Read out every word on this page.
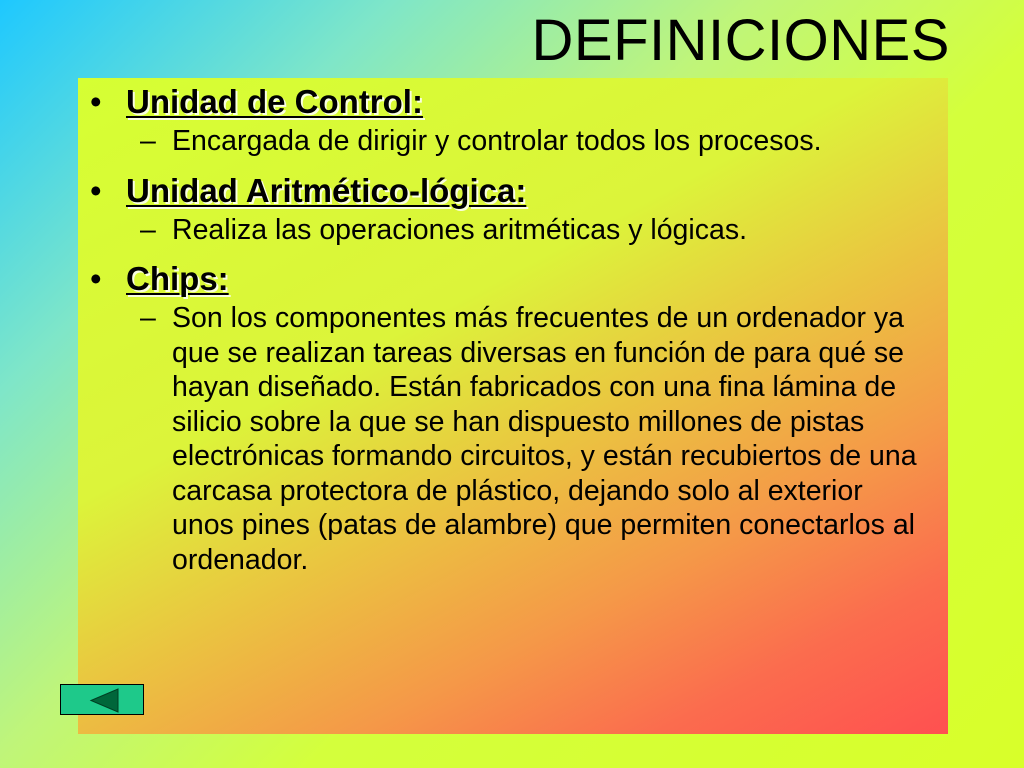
DEFINICIONES
• Unidad de Control:
– Encargada de dirigir y controlar todos los procesos.
• Unidad Aritmético-lógica:
– Realiza las operaciones aritméticas y lógicas.
• Chips:
– Son los componentes más frecuentes de un ordenador ya que se realizan tareas diversas en función de para qué se hayan diseñado. Están fabricados con una fina lámina de silicio sobre la que se han dispuesto millones de pistas electrónicas formando circuitos, y están recubiertos de una carcasa protectora de plástico, dejando solo al exterior unos pines (patas de alambre) que permiten conectarlos al ordenador.
